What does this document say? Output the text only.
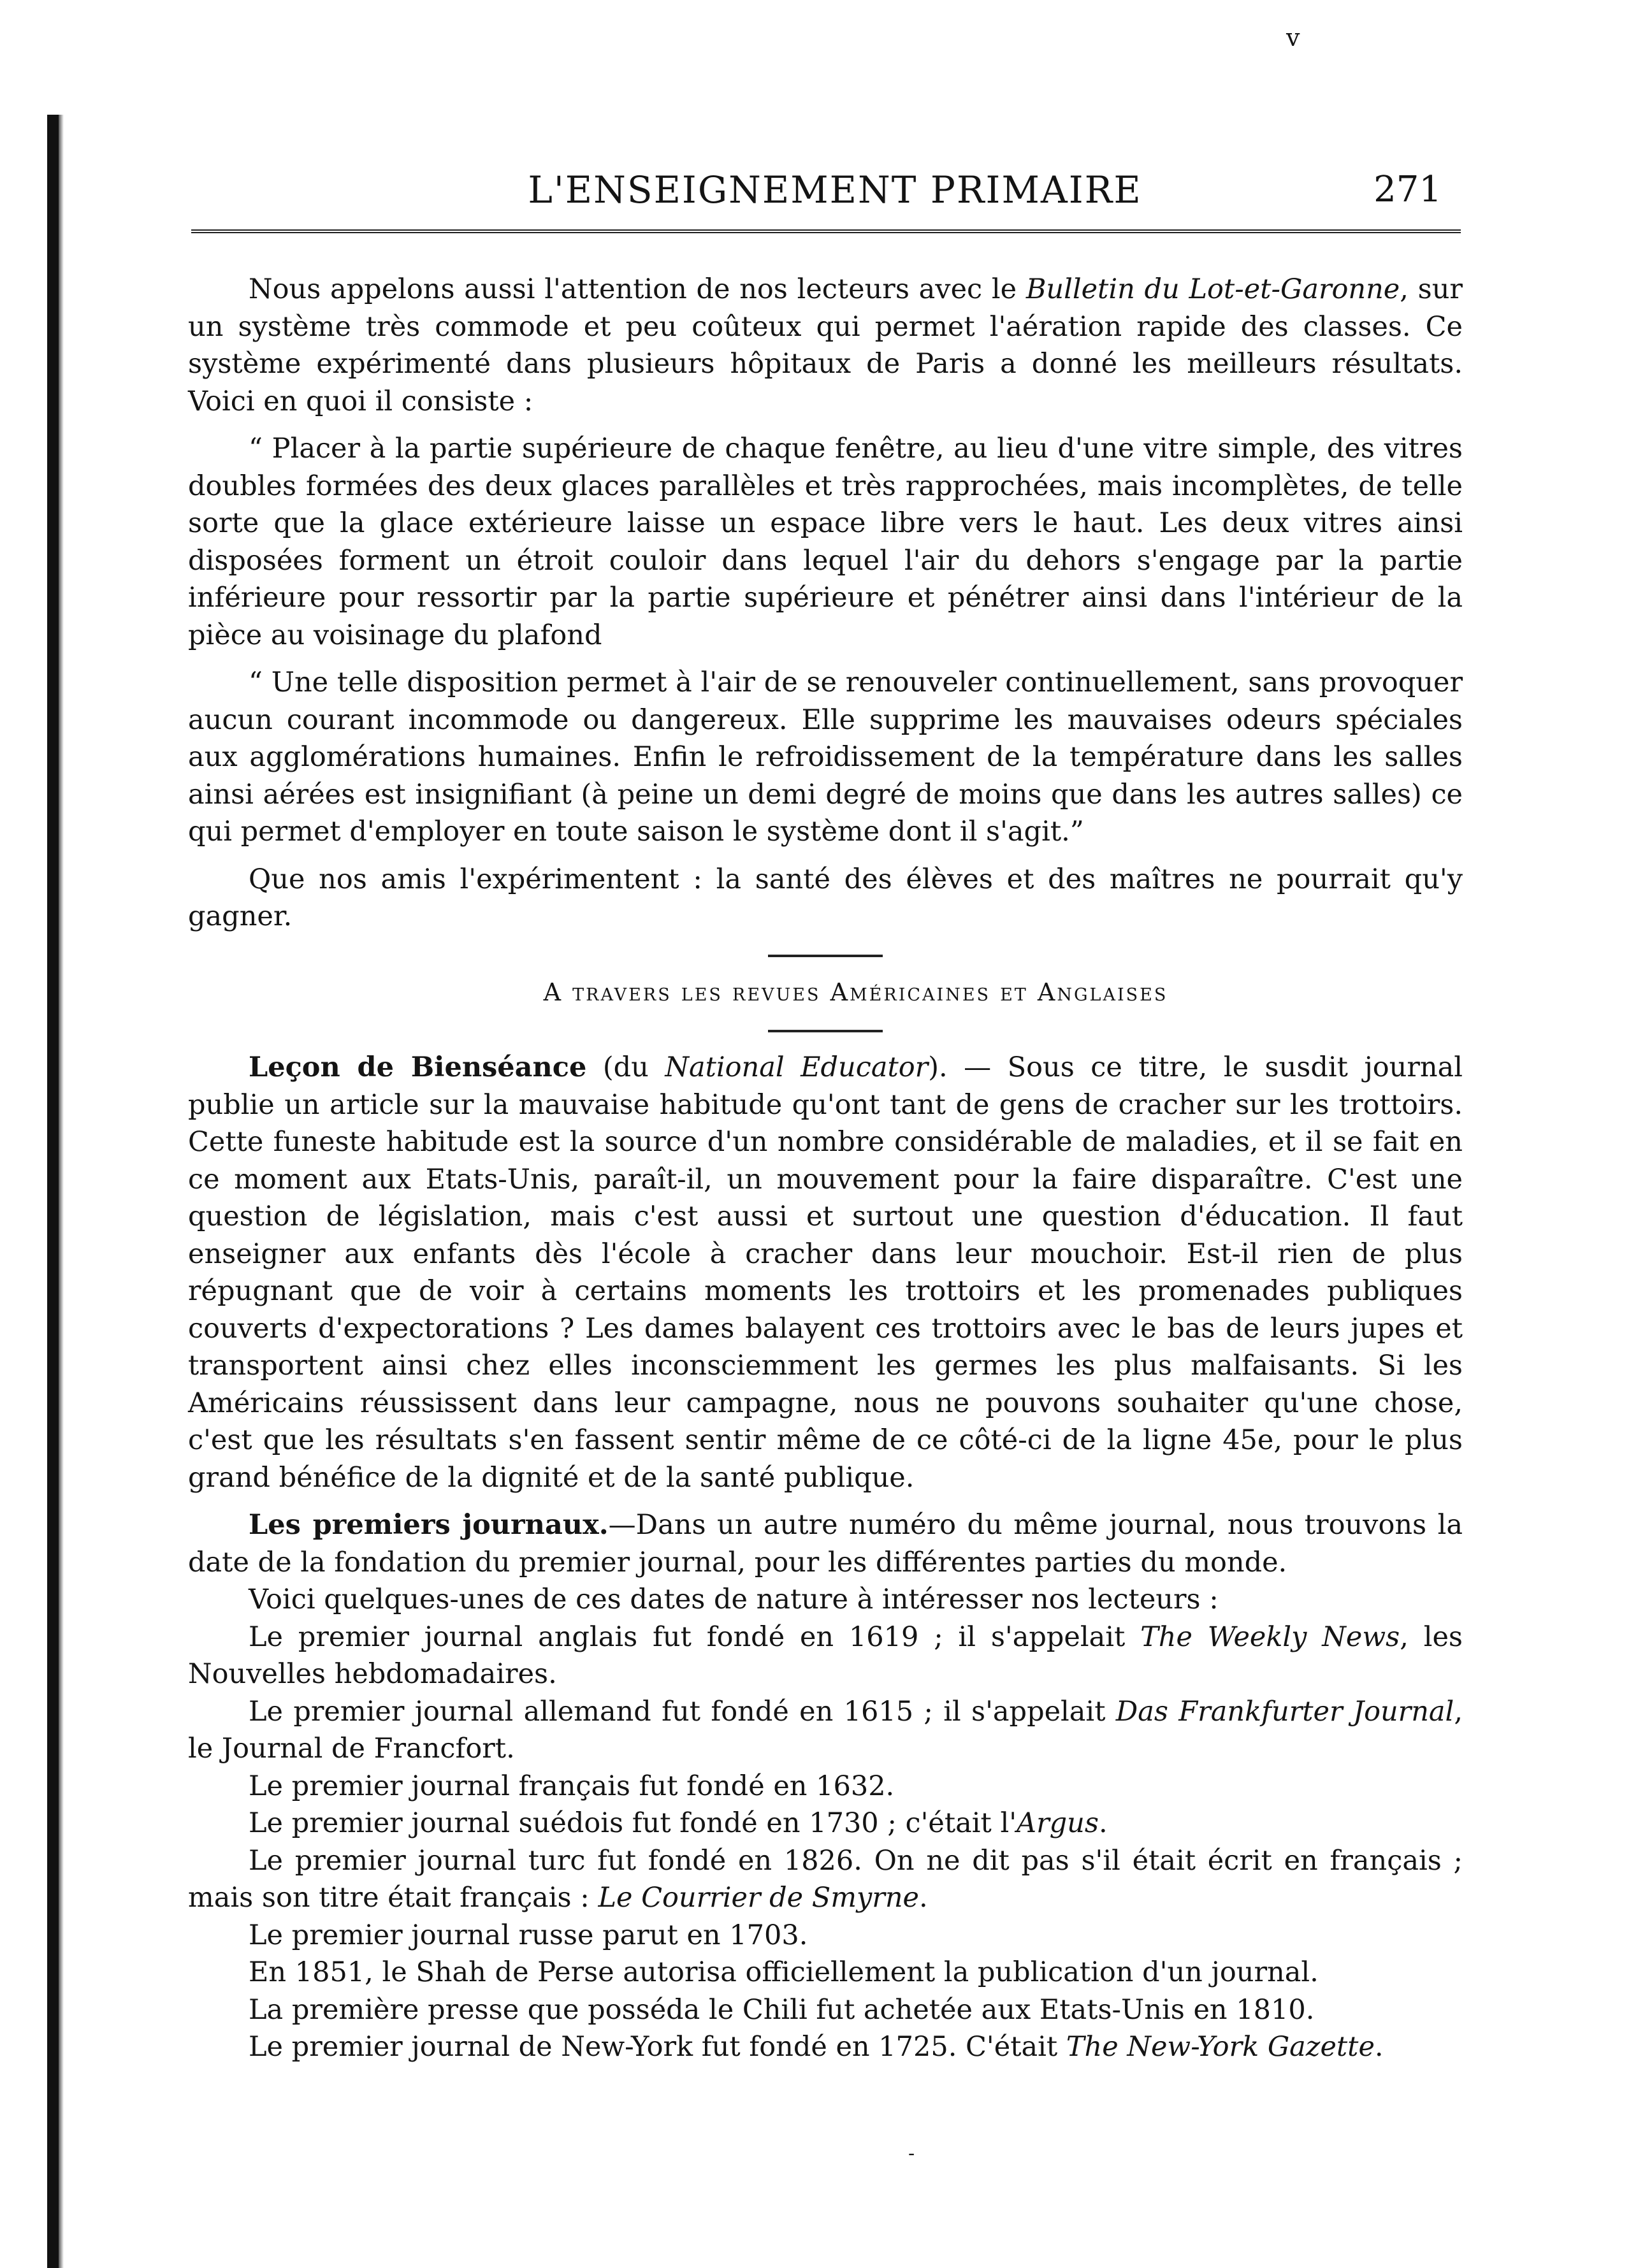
v
L'ENSEIGNEMENT PRIMAIRE	271

Nous appelons aussi l'attention de nos lecteurs avec le Bulletin du Lot-et-Garonne, sur un système très commode et peu coûteux qui permet l'aération rapide des classes. Ce système expérimenté dans plusieurs hôpitaux de Paris a donné les meilleurs résultats. Voici en quoi il consiste :

“ Placer à la partie supérieure de chaque fenêtre, au lieu d'une vitre simple, des vitres doubles formées des deux glaces parallèles et très rapprochées, mais incomplètes, de telle sorte que la glace extérieure laisse un espace libre vers le haut. Les deux vitres ainsi disposées forment un étroit couloir dans lequel l'air du dehors s'engage par la partie inférieure pour ressortir par la partie supérieure et pénétrer ainsi dans l'intérieur de la pièce au voisinage du plafond

“ Une telle disposition permet à l'air de se renouveler continuellement, sans provoquer aucun courant incommode ou dangereux. Elle supprime les mauvaises odeurs spéciales aux agglomérations humaines. Enfin le refroidissement de la température dans les salles ainsi aérées est insignifiant (à peine un demi degré de moins que dans les autres salles) ce qui permet d'employer en toute saison le système dont il s'agit.”

Que nos amis l'expérimentent : la santé des élèves et des maîtres ne pourrait qu'y gagner.

A travers les revues Américaines et Anglaises

Leçon de Bienséance (du National Educator). — Sous ce titre, le susdit journal publie un article sur la mauvaise habitude qu'ont tant de gens de cracher sur les trottoirs. Cette funeste habitude est la source d'un nombre considérable de maladies, et il se fait en ce moment aux Etats-Unis, paraît-il, un mouvement pour la faire disparaître. C'est une question de législation, mais c'est aussi et surtout une question d'éducation. Il faut enseigner aux enfants dès l'école à cracher dans leur mouchoir. Est-il rien de plus répugnant que de voir à certains moments les trottoirs et les promenades publiques couverts d'expectorations ? Les dames balayent ces trottoirs avec le bas de leurs jupes et transportent ainsi chez elles inconsciemment les germes les plus malfaisants. Si les Américains réussissent dans leur campagne, nous ne pouvons souhaiter qu'une chose, c'est que les résultats s'en fassent sentir même de ce côté-ci de la ligne 45e, pour le plus grand bénéfice de la dignité et de la santé publique.

Les premiers journaux.—Dans un autre numéro du même journal, nous trouvons la date de la fondation du premier journal, pour les différentes parties du monde.

Voici quelques-unes de ces dates de nature à intéresser nos lecteurs :

Le premier journal anglais fut fondé en 1619 ; il s'appelait The Weekly News, les Nouvelles hebdomadaires.

Le premier journal allemand fut fondé en 1615 ; il s'appelait Das Frankfurter Journal, le Journal de Francfort.

Le premier journal français fut fondé en 1632.

Le premier journal suédois fut fondé en 1730 ; c'était l'Argus.

Le premier journal turc fut fondé en 1826. On ne dit pas s'il était écrit en français ; mais son titre était français : Le Courrier de Smyrne.

Le premier journal russe parut en 1703.

En 1851, le Shah de Perse autorisa officiellement la publication d'un journal.

La première presse que posséda le Chili fut achetée aux Etats-Unis en 1810.

Le premier journal de New-York fut fondé en 1725. C'était The New-York Gazette.

-
